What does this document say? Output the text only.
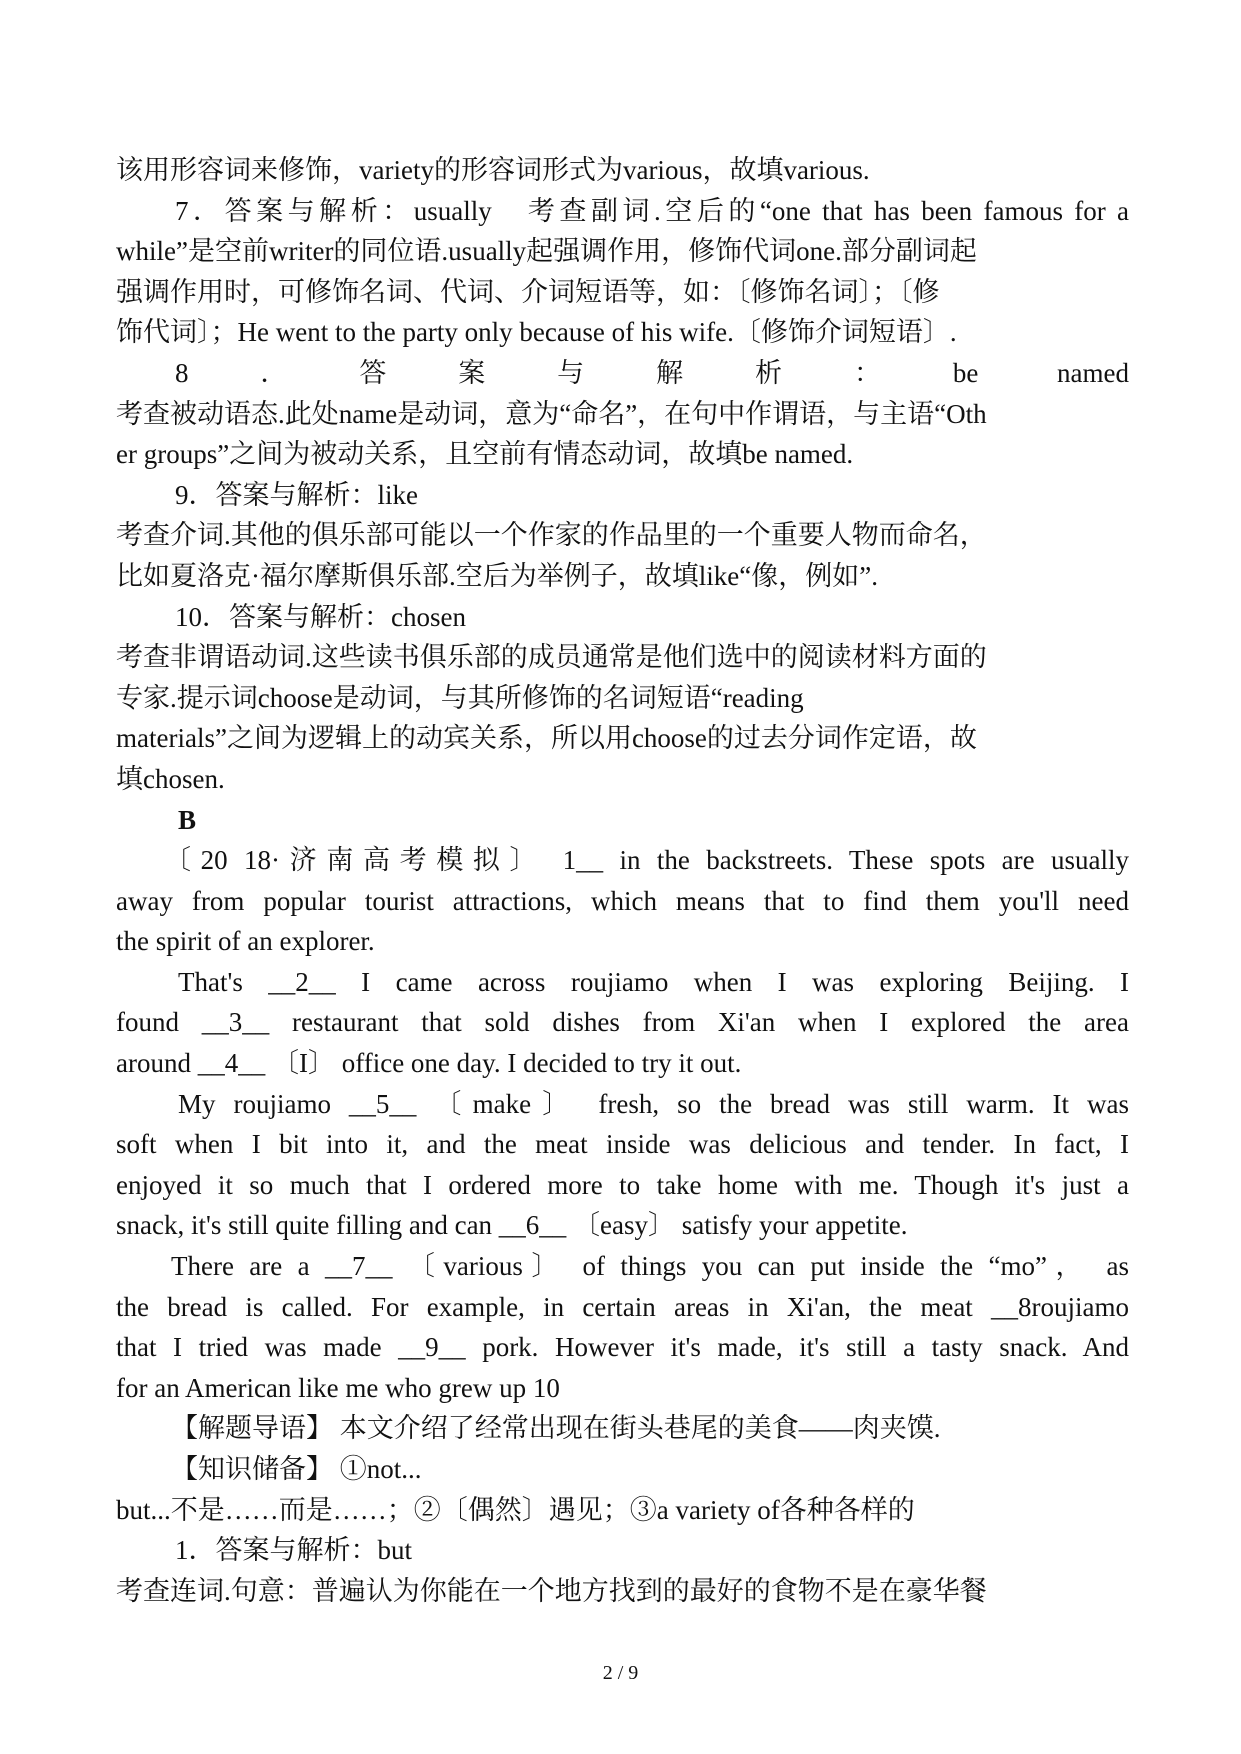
该用形容词来修饰，variety的形容词形式为various，故填various.

7．答案与解析：usually　考查副词.空后的“one that has been famous for a

while”是空前writer的同位语.usually起强调作用，修饰代词one.部分副词起

强调作用时，可修饰名词、代词、介词短语等，如：〔修饰名词〕；〔修

饰代词〕；He went to the party only because of his wife.〔修饰介词短语〕.

8．答案与解析：be named

考查被动语态.此处name是动词，意为“命名”，在句中作谓语，与主语“Oth

er groups”之间为被动关系，且空前有情态动词，故填be named.

9．答案与解析：like

考查介词.其他的俱乐部可能以一个作家的作品里的一个重要人物而命名，

比如夏洛克·福尔摩斯俱乐部.空后为举例子，故填like“像，例如”.

10．答案与解析：chosen

考查非谓语动词.这些读书俱乐部的成员通常是他们选中的阅读材料方面的

专家.提示词choose是动词，与其所修饰的名词短语“reading

materials”之间为逻辑上的动宾关系，所以用choose的过去分词作定语，故

填chosen.

B

〔20 18·济南高考模拟〕 1__ in the backstreets. These spots are usually

away from popular tourist attractions, which means that to find them you'll need

the spirit of an explorer.

That's __2__ I came across roujiamo when I was exploring Beijing. I

found __3__ restaurant that sold dishes from Xi'an when I explored the area

around __4__ 〔I〕 office one day. I decided to try it out.

My roujiamo __5__ 〔make〕 fresh, so the bread was still warm. It was

soft when I bit into it, and the meat inside was delicious and tender. In fact, I

enjoyed it so much that I ordered more to take home with me. Though it's just a

snack, it's still quite filling and can __6__ 〔easy〕 satisfy your appetite.

There are a __7__ 〔various〕 of things you can put inside the “mo”， as

the bread is called. For example, in certain areas in Xi'an, the meat __8roujiamo

that I tried was made __9__ pork. However it's made, it's still a tasty snack. And

for an American like me who grew up 10

【解题导语】 本文介绍了经常出现在街头巷尾的美食——肉夹馍.

【知识储备】 ①not...

but...不是……而是……；②〔偶然〕遇见；③a variety of各种各样的

1．答案与解析：but

考查连词.句意：普遍认为你能在一个地方找到的最好的食物不是在豪华餐

2 / 9
